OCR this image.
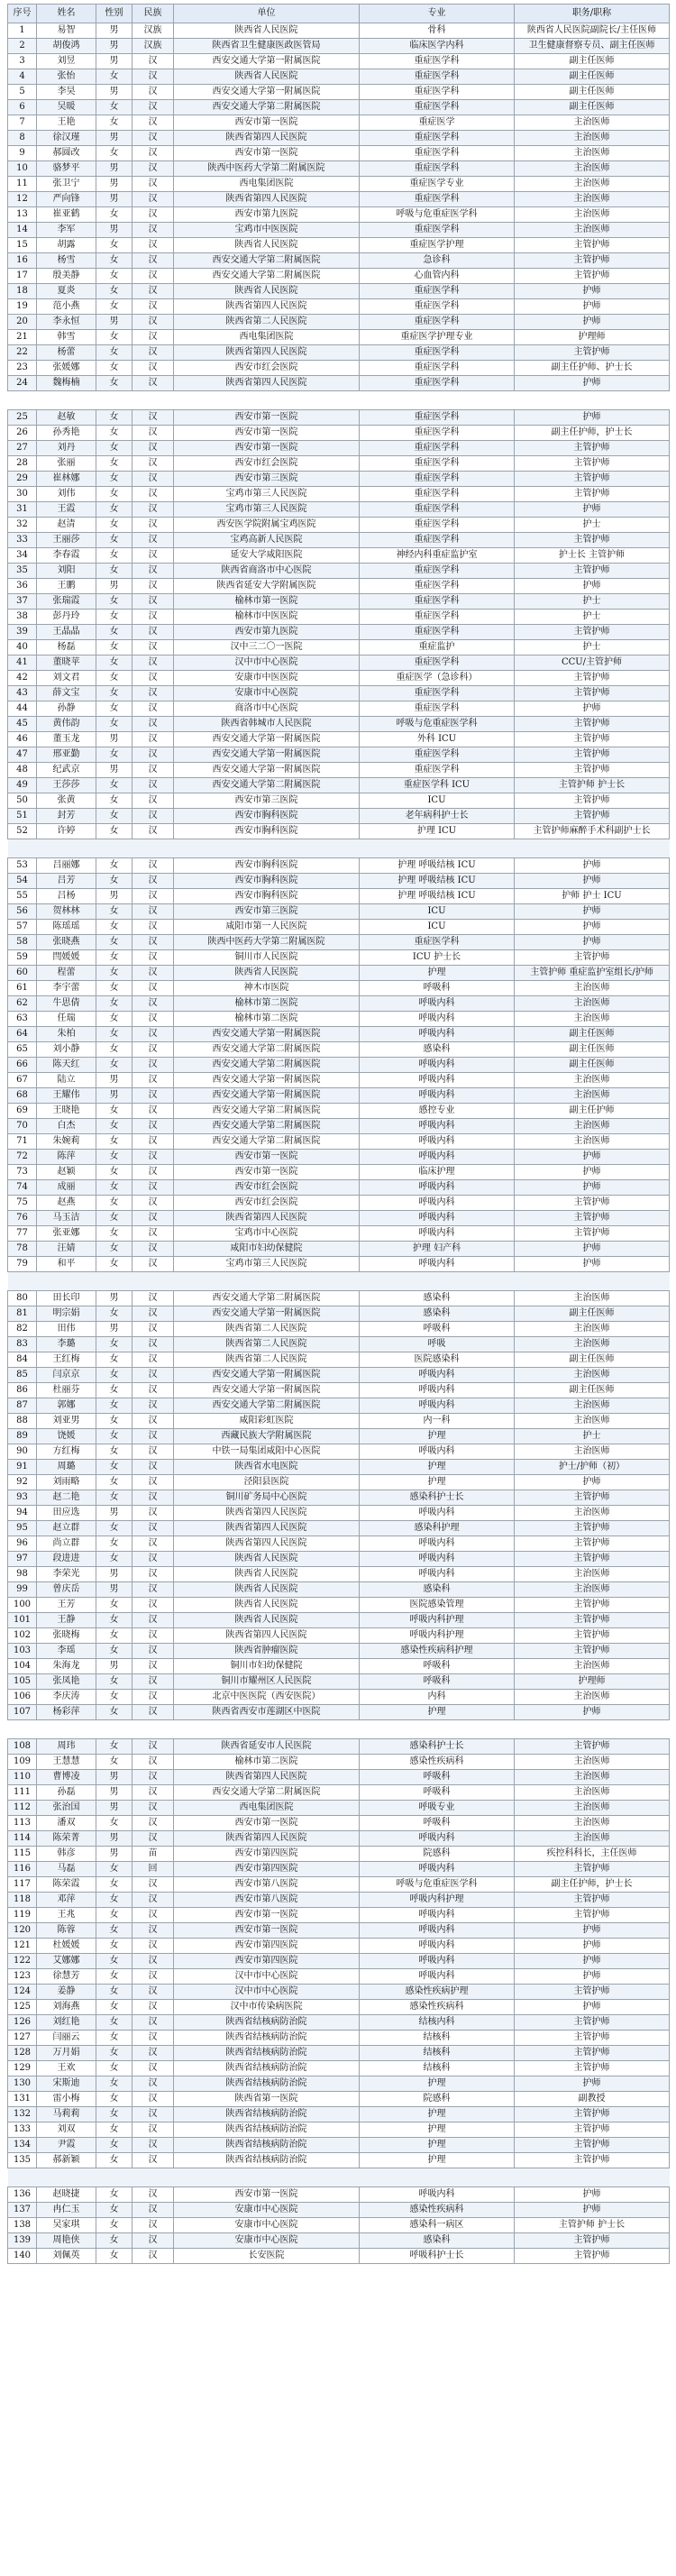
序号	姓名	性别	民族	单位	专业	职务/职称
1	易智	男	汉族	陕西省人民医院	骨科	陕西省人民医院副院长/主任医师
2	胡俊鸿	男	汉族	陕西省卫生健康医政医管局	临床医学内科	卫生健康督察专员、副主任医师
3	刘昱	男	汉	西安交通大学第一附属医院	重症医学科	副主任医师
4	张怡	女	汉	陕西省人民医院	重症医学科	副主任医师
5	李昊	男	汉	西安交通大学第一附属医院	重症医学科	副主任医师
6	吴暖	女	汉	西安交通大学第二附属医院	重症医学科	副主任医师
7	王艳	女	汉	西安市第一医院	重症医学	主治医师
8	徐汉瑾	男	汉	陕西省第四人民医院	重症医学科	主治医师
9	郝圆改	女	汉	西安市第一医院	重症医学科	主治医师
10	骆梦平	男	汉	陕西中医药大学第二附属医院	重症医学科	主治医师
11	张卫宁	男	汉	西电集团医院	重症医学专业	主治医师
12	严向锋	男	汉	陕西省第四人民医院	重症医学科	主治医师
13	崔亚鹤	女	汉	西安市第九医院	呼吸与危重症医学科	主治医师
14	李军	男	汉	宝鸡市中医医院	重症医学科	主治医师
15	胡露	女	汉	陕西省人民医院	重症医学护理	主管护师
16	杨雪	女	汉	西安交通大学第二附属医院	急诊科	主管护师
17	殷美静	女	汉	西安交通大学第二附属医院	心血管内科	主管护师
18	夏炎	女	汉	陕西省人民医院	重症医学科	护师
19	范小燕	女	汉	陕西省第四人民医院	重症医学科	护师
20	李永恒	男	汉	陕西省第二人民医院	重症医学科	护师
21	韩雪	女	汉	西电集团医院	重症医学护理专业	护理师
22	杨蕾	女	汉	陕西省第四人民医院	重症医学科	主管护师
23	张媛娜	女	汉	西安市红会医院	重症医学科	副主任护师、护士长
24	魏梅楠	女	汉	陕西省第四人民医院	重症医学科	护师

25	赵敏	女	汉	西安市第一医院	重症医学科	护师
26	孙秀艳	女	汉	西安市第一医院	重症医学科	副主任护师，护士长
27	刘丹	女	汉	西安市第一医院	重症医学科	主管护师
28	张丽	女	汉	西安市红会医院	重症医学科	主管护师
29	崔林娜	女	汉	西安市第三医院	重症医学科	主管护师
30	刘伟	女	汉	宝鸡市第三人民医院	重症医学科	主管护师
31	王霞	女	汉	宝鸡市第三人民医院	重症医学科	护师
32	赵清	女	汉	西安医学院附属宝鸡医院	重症医学科	护士
33	王丽莎	女	汉	宝鸡高新人民医院	重症医学科	主管护师
34	李春霞	女	汉	延安大学咸阳医院	神经内科重症监护室	护士长 主管护师
35	刘阳	女	汉	陕西省商洛市中心医院	重症医学科	主管护师
36	王鹏	男	汉	陕西省延安大学附属医院	重症医学科	护师
37	张瑞霞	女	汉	榆林市第一医院	重症医学科	护士
38	彭丹玲	女	汉	榆林市中医医院	重症医学科	护士
39	王晶晶	女	汉	西安市第九医院	重症医学科	主管护师
40	杨磊	女	汉	汉中三二〇一医院	重症监护	护士
41	董晓苹	女	汉	汉中市中心医院	重症医学科	CCU/主管护师
42	刘文君	女	汉	安康市中医医院	重症医学（急诊科）	主管护师
43	薛文宝	女	汉	安康市中心医院	重症医学科	主管护师
44	孙静	女	汉	商洛市中心医院	重症医学科	护师
45	黄伟韵	女	汉	陕西省韩城市人民医院	呼吸与危重症医学科	主管护师
46	董玉龙	男	汉	西安交通大学第一附属医院	外科 ICU	主管护师
47	邢亚勤	女	汉	西安交通大学第一附属医院	重症医学科	主管护师
48	纪武京	男	汉	西安交通大学第一附属医院	重症医学科	主管护师
49	王莎莎	女	汉	西安交通大学第二附属医院	重症医学科 ICU	主管护师 护士长
50	张黄	女	汉	西安市第三医院	ICU	主管护师
51	封芳	女	汉	西安市胸科医院	老年病科护士长	主管护师
52	许婷	女	汉	西安市胸科医院	护理 ICU	主管护师麻醉手术科副护士长

53	吕丽娜	女	汉	西安市胸科医院	护理 呼吸结核 ICU	护师
54	吕芳	女	汉	西安市胸科医院	护理 呼吸结核 ICU	护师
55	吕杨	男	汉	西安市胸科医院	护理 呼吸结核 ICU	护师 护士 ICU
56	贺林林	女	汉	西安市第三医院	ICU	护师
57	陈瑶瑶	女	汉	咸阳市第一人民医院	ICU	护师
58	张晓燕	女	汉	陕西中医药大学第二附属医院	重症医学科	护师
59	閆媛媛	女	汉	铜川市人民医院	ICU 护士长	主管护师
60	程蕾	女	汉	陕西省人民医院	护理	主管护师 重症监护室组长/护师
61	李宇蕾	女	汉	神木市医院	呼吸科	主治医师
62	牛思倩	女	汉	榆林市第二医院	呼吸内科	主治医师
63	任瑞	女	汉	榆林市第二医院	呼吸内科	主治医师
64	朱柏	女	汉	西安交通大学第一附属医院	呼吸内科	副主任医师
65	刘小静	女	汉	西安交通大学第二附属医院	感染科	副主任医师
66	陈天红	女	汉	西安交通大学第二附属医院	呼吸内科	副主任医师
67	陆立	男	汉	西安交通大学第一附属医院	呼吸内科	主治医师
68	王耀伟	男	汉	西安交通大学第一附属医院	呼吸内科	主治医师
69	王晓艳	女	汉	西安交通大学第二附属医院	感控专业	副主任护师
70	白杰	女	汉	西安交通大学第二附属医院	呼吸内科	主治医师
71	朱婉莉	女	汉	西安交通大学第二附属医院	呼吸内科	主治医师
72	陈萍	女	汉	西安市第一医院	呼吸内科	护师
73	赵颖	女	汉	西安市第一医院	临床护理	护师
74	成丽	女	汉	西安市红会医院	呼吸内科	护师
75	赵燕	女	汉	西安市红会医院	呼吸内科	主管护师
76	马玉洁	女	汉	陕西省第四人民医院	呼吸内科	主管护师
77	张亚娜	女	汉	宝鸡市中心医院	呼吸内科	主管护师
78	汪婧	女	汉	咸阳市妇幼保健院	护理 妇产科	护师
79	和平	女	汉	宝鸡市第三人民医院	呼吸内科	护师

80	田长印	男	汉	西安交通大学第二附属医院	感染科	主治医师
81	明宗娟	女	汉	西安交通大学第一附属医院	感染科	副主任医师
82	田伟	男	汉	陕西省第二人民医院	呼吸科	主治医师
83	李璐	女	汉	陕西省第二人民医院	呼吸	主治医师
84	王红梅	女	汉	陕西省第二人民医院	医院感染科	副主任医师
85	闫京京	女	汉	西安交通大学第一附属医院	呼吸内科	主治医师
86	杜丽芬	女	汉	西安交通大学第一附属医院	呼吸内科	副主任医师
87	郭娜	女	汉	西安交通大学第二附属医院	呼吸内科	主治医师
88	刘亚男	女	汉	咸阳彩虹医院	内一科	主治医师
89	饶媛	女	汉	西藏民族大学附属医院	护理	护士
90	方红梅	女	汉	中铁一局集团咸阳中心医院	呼吸内科	主治医师
91	周璐	女	汉	陕西省水电医院	护理	护士/护师（初）
92	刘雨略	女	汉	泾阳县医院	护理	护师
93	赵二艳	女	汉	铜川矿务局中心医院	感染科护士长	主管护师
94	田应选	男	汉	陕西省第四人民医院	呼吸内科	主治医师
95	赵立群	女	汉	陕西省第四人民医院	感染科护理	主管护师
96	尚立群	女	汉	陕西省第四人民医院	呼吸内科	主管护师
97	段进进	女	汉	陕西省人民医院	呼吸内科	主管护师
98	李荣光	男	汉	陕西省人民医院	呼吸内科	主治医师
99	曾庆岳	男	汉	陕西省人民医院	感染科	主治医师
100	王芳	女	汉	陕西省人民医院	医院感染管理	主管护师
101	王静	女	汉	陕西省人民医院	呼吸内科护理	主管护师
102	张晓梅	女	汉	陕西省第四人民医院	呼吸内科护理	主管护师
103	李瑶	女	汉	陕西省肿瘤医院	感染性疾病科护理	主管护师
104	朱海龙	男	汉	铜川市妇幼保健院	呼吸科	主治医师
105	张凤艳	女	汉	铜川市耀州区人民医院	呼吸科	护理师
106	李庆涛	女	汉	北京中医医院（西安医院）	内科	主治医师
107	杨彩萍	女	汉	陕西省西安市莲湖区中医院	护理	护师

108	周玮	女	汉	陕西省延安市人民医院	感染科护士长	主管护师
109	王慧慧	女	汉	榆林市第二医院	感染性疾病科	主治医师
110	曹博凌	男	汉	陕西省第四人民医院	呼吸科	主治医师
111	孙磊	男	汉	西安交通大学第二附属医院	呼吸科	主治医师
112	张治国	男	汉	西电集团医院	呼吸专业	主治医师
113	潘双	女	汉	西安市第一医院	呼吸科	主治医师
114	陈荣菁	男	汉	陕西省第四人民医院	呼吸内科	主治医师
115	韩彦	男	苗	西安市第四医院	院感科	疾控科科长，主任医师
116	马磊	女	回	西安市第四医院	呼吸内科	主管护师
117	陈荣霞	女	汉	西安市第八医院	呼吸与危重症医学科	副主任护师，护士长
118	邓萍	女	汉	西安市第八医院	呼吸内科护理	主管护师
119	王兆	女	汉	西安市第一医院	呼吸内科	主管护师
120	陈蓉	女	汉	西安市第一医院	呼吸内科	护师
121	杜媛媛	女	汉	西安市第四医院	呼吸内科	护师
122	艾娜娜	女	汉	西安市第四医院	呼吸内科	护师
123	徐慧芳	女	汉	汉中市中心医院	呼吸内科	护师
124	姜静	女	汉	汉中市中心医院	感染性疾病护理	主管护师
125	刘海燕	女	汉	汉中市传染病医院	感染性疾病科	护师
126	刘红艳	女	汉	陕西省结核病防治院	结核内科	主管护师
127	闫丽云	女	汉	陕西省结核病防治院	结核科	主管护师
128	万月娟	女	汉	陕西省结核病防治院	结核科	主管护师
129	王欢	女	汉	陕西省结核病防治院	结核科	主管护师
130	宋斯迪	女	汉	陕西省结核病防治院	护理	护师
131	雷小梅	女	汉	陕西省第一医院	院感科	副教授
132	马莉莉	女	汉	陕西省结核病防治院	护理	主管护师
133	刘双	女	汉	陕西省结核病防治院	护理	主管护师
134	尹霞	女	汉	陕西省结核病防治院	护理	主管护师
135	郝新颖	女	汉	陕西省结核病防治院	护理	主管护师

136	赵晓捷	女	汉	西安市第一医院	呼吸内科	护师
137	冉仁玉	女	汉	安康市中心医院	感染性疾病科	护师
138	吴家琪	女	汉	安康市中心医院	感染科一病区	主管护师 护士长
139	周艳侠	女	汉	安康市中心医院	感染科	主管护师
140	刘佩英	女	汉	长安医院	呼吸科护士长	主管护师
